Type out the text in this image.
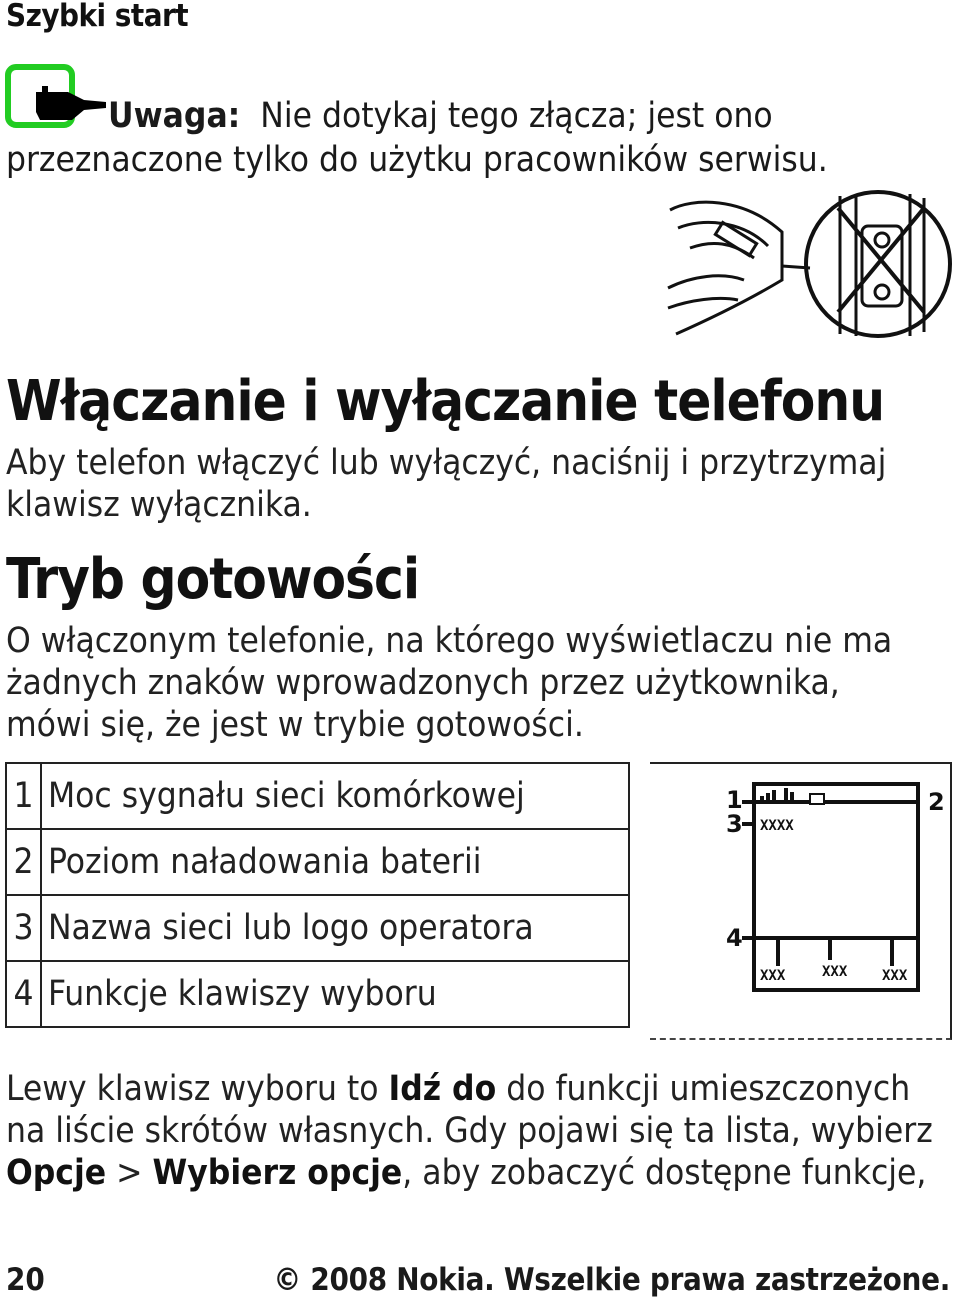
Szybki start
Uwaga: Nie dotykaj tego złącza; jest ono
przeznaczone tylko do użytku pracowników serwisu.
Włączanie i wyłączanie telefonu
Aby telefon włączyć lub wyłączyć, naciśnij i przytrzymaj
klawisz wyłącznika.
Tryb gotowości
O włączonym telefonie, na którego wyświetlaczu nie ma
żadnych znaków wprowadzonych przez użytkownika,
mówi się, że jest w trybie gotowości.
1	Moc sygnału sieci komórkowej
2	Poziom naładowania baterii
3	Nazwa sieci lub logo operatora
4	Funkcje klawiszy wyboru
1	2
3
4
XXXX
XXX	XXX XXX
Lewy klawisz wyboru to Idź do do funkcji umieszczonych
na liście skrótów własnych. Gdy pojawi się ta lista, wybierz
Opcje > Wybierz opcje, aby zobaczyć dostępne funkcje,
20	© 2008 Nokia. Wszelkie prawa zastrzeżone.
